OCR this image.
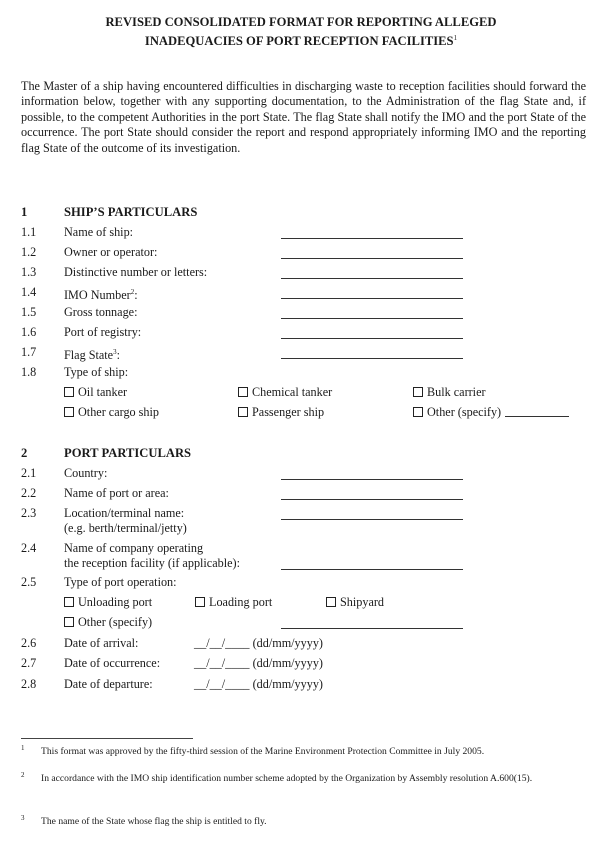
REVISED CONSOLIDATED FORMAT FOR REPORTING ALLEGED
INADEQUACIES OF PORT RECEPTION FACILITIES$^1$
The Master of a ship having encountered difficulties in discharging waste to reception facilities should forward the information below, together with any supporting documentation, to the Administration of the flag State and, if possible, to the competent Authorities in the port State. The flag State shall notify the IMO and the port State of the occurrence. The port State should consider the report and respond appropriately informing IMO and the reporting flag State of the outcome of its investigation.
1	SHIP’S PARTICULARS
1.1 Name of ship:
1.2 Owner or operator:
1.3 Distinctive number or letters:
1.4 IMO Number$^2$:
1.5 Gross tonnage:
1.6 Port of registry:
1.7 Flag State$^3$:
1.8 Type of ship:
Oil tanker	Chemical tanker	Bulk carrier
Other cargo ship	Passenger ship	Other (specify)
2	PORT PARTICULARS
2.1 Country:
2.2 Name of port or area:
2.3 Location/terminal name:
(e.g. berth/terminal/jetty)
2.4 Name of company operating
the reception facility (if applicable):
2.5 Type of port operation:
Unloading port	Loading port	Shipyard
Other (specify)
2.6 Date of arrival:	__/__/____ (dd/mm/yyyy)
2.7 Date of occurrence:	__/__/____ (dd/mm/yyyy)
2.8 Date of departure:	__/__/____ (dd/mm/yyyy)
1 This format was approved by the fifty-third session of the Marine Environment Protection Committee in July 2005.
2 In accordance with the IMO ship identification number scheme adopted by the Organization by Assembly resolution A.600(15).
3 The name of the State whose flag the ship is entitled to fly.
